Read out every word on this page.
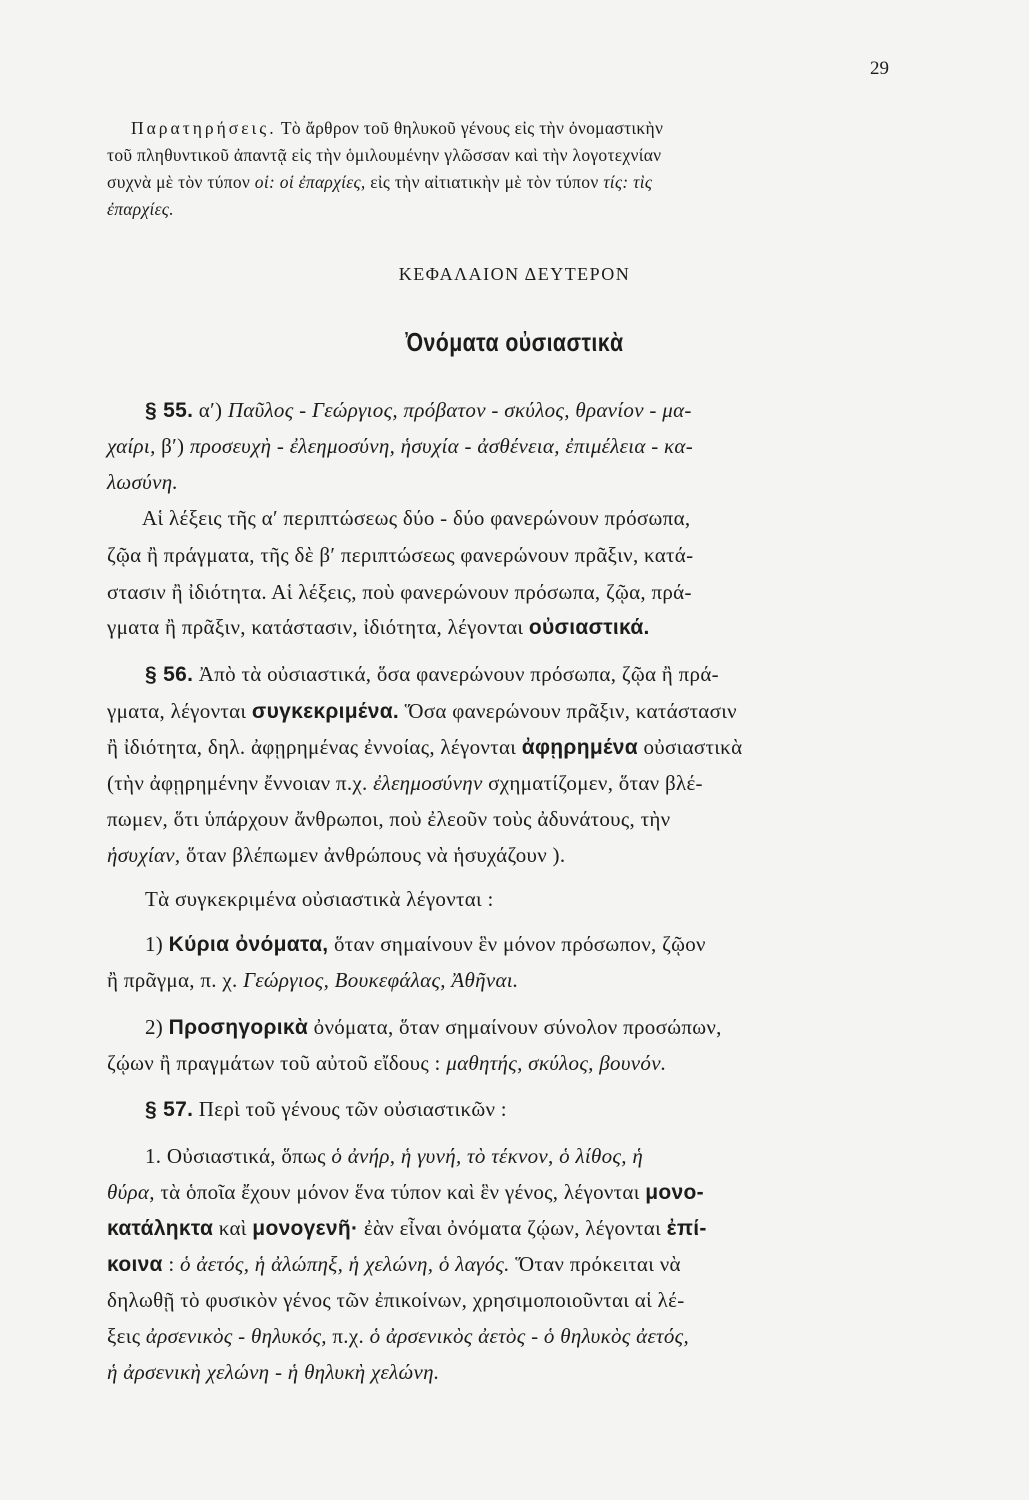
29
Παρατηρήσεις. Τὸ ἄρθρον τοῦ θηλυκοῦ γένους εἰς τὴν ὀνομαστικὴν
τοῦ πληθυντικοῦ ἀπαντᾷ εἰς τὴν ὁμιλουμένην γλῶσσαν καὶ τὴν λογοτεχνίαν
συχνὰ μὲ τὸν τύπον οἱ: οἱ ἐπαρχίες, εἰς τὴν αἰτιατικὴν μὲ τὸν τύπον τίς: τὶς
ἐπαρχίες.
ΚΕΦΑΛΑΙΟΝ ΔΕΥΤΕΡΟΝ
Ὀνόματα οὐσιαστικὰ
§ 55. α′) Παῦλος - Γεώργιος, πρόβατον - σκύλος, θρανίον - μα-
χαίρι, β′) προσευχὴ - ἐλεημοσύνη, ἡσυχία - ἀσθένεια, ἐπιμέλεια - κα-
λωσύνη.
Αἱ λέξεις τῆς α′ περιπτώσεως δύο - δύο φανερώνουν πρόσωπα,
ζῷα ἢ πράγματα, τῆς δὲ β′ περιπτώσεως φανερώνουν πρᾶξιν, κατά-
στασιν ἢ ἰδιότητα. Αἱ λέξεις, ποὺ φανερώνουν πρόσωπα, ζῷα, πρά-
γματα ἢ πρᾶξιν, κατάστασιν, ἰδιότητα, λέγονται οὐσιαστικά.
§ 56. Ἀπὸ τὰ οὐσιαστικά, ὅσα φανερώνουν πρόσωπα, ζῷα ἢ πρά-
γματα, λέγονται συγκεκριμένα. Ὅσα φανερώνουν πρᾶξιν, κατάστασιν
ἢ ἰδιότητα, δηλ. ἀφῃρημένας ἐννοίας, λέγονται ἀφῃρημένα οὐσιαστικὰ
(τὴν ἀφῃρημένην ἔννοιαν π.χ. ἐλεημοσύνην σχηματίζομεν, ὅταν βλέ-
πωμεν, ὅτι ὑπάρχουν ἄνθρωποι, ποὺ ἐλεοῦν τοὺς ἀδυνάτους, τὴν
ἡσυχίαν, ὅταν βλέπωμεν ἀνθρώπους νὰ ἡσυχάζουν ).
Τὰ συγκεκριμένα οὐσιαστικὰ λέγονται :
1) Κύρια ὀνόματα, ὅταν σημαίνουν ἓν μόνον πρόσωπον, ζῷον
ἢ πρᾶγμα, π. χ. Γεώργιος, Βουκεφάλας, Ἀθῆναι.
2) Προσηγορικὰ ὀνόματα, ὅταν σημαίνουν σύνολον προσώπων,
ζῴων ἢ πραγμάτων τοῦ αὐτοῦ εἴδους : μαθητής, σκύλος, βουνόν.
§ 57. Περὶ τοῦ γένους τῶν οὐσιαστικῶν :
1. Οὐσιαστικά, ὅπως ὁ ἀνήρ, ἡ γυνή, τὸ τέκνον, ὁ λίθος, ἡ
θύρα, τὰ ὁποῖα ἔχουν μόνον ἕνα τύπον καὶ ἓν γένος, λέγονται μονο-
κατάληκτα καὶ μονογενῆ· ἐὰν εἶναι ὀνόματα ζῴων, λέγονται ἐπί-
κοινα : ὁ ἀετός, ἡ ἀλώπηξ, ἡ χελώνη, ὁ λαγός. Ὅταν πρόκειται νὰ
δηλωθῇ τὸ φυσικὸν γένος τῶν ἐπικοίνων, χρησιμοποιοῦνται αἱ λέ-
ξεις ἀρσενικὸς - θηλυκός, π.χ. ὁ ἀρσενικὸς ἀετὸς - ὁ θηλυκὸς ἀετός,
ἡ ἀρσενικὴ χελώνη - ἡ θηλυκὴ χελώνη.
